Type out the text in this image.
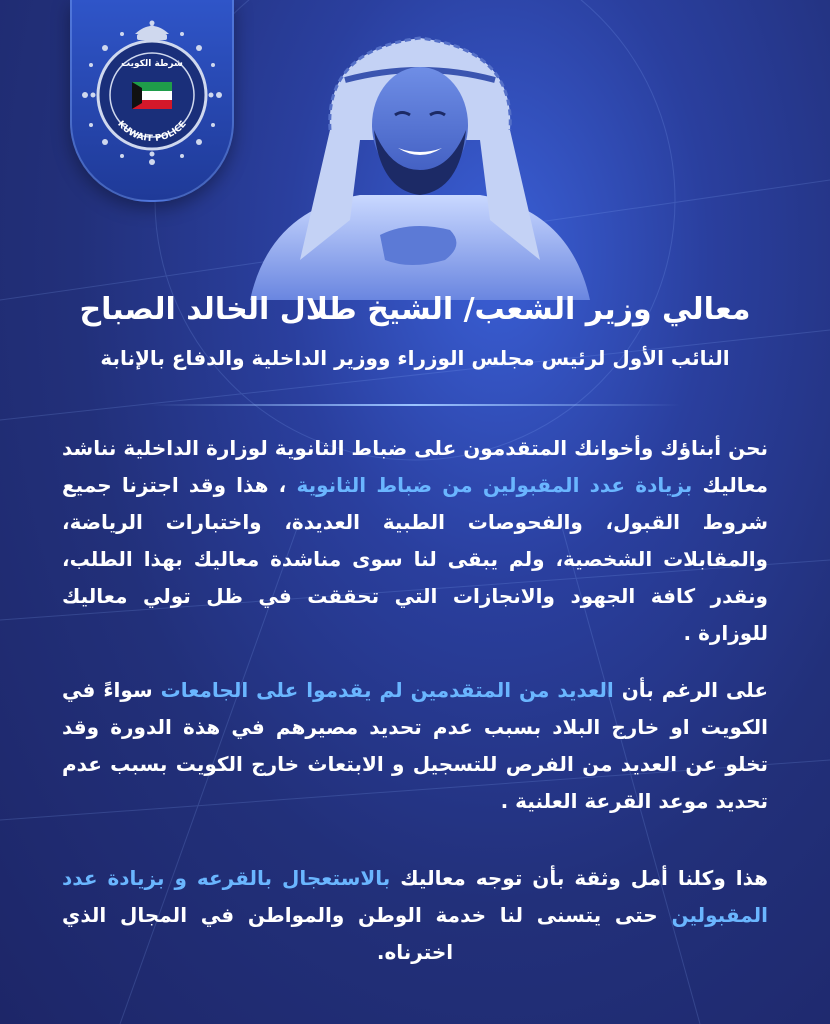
شرطة الكويت
KUWAIT POLICE
معالي وزير الشعب/ الشيخ طلال الخالد الصباح
النائب الأول لرئيس مجلس الوزراء ووزير الداخلية والدفاع بالإنابة
نحن أبناؤك وأخوانك المتقدمون على ضباط الثانوية لوزارة الداخلية نناشد معاليك بزيادة عدد المقبولين من ضباط الثانوية ، هذا وقد اجتزنا جميع شروط القبول، والفحوصات الطبية العديدة، واختبارات الرياضة، والمقابلات الشخصية، ولم يبقى لنا سوى مناشدة معاليك بهذا الطلب، ونقدر كافة الجهود والانجازات التي تحققت في ظل تولي معاليك للوزارة .
على الرغم بأن العديد من المتقدمين لم يقدموا على الجامعات سواءً في الكويت او خارج البلاد بسبب عدم تحديد مصيرهم في هذة الدورة وقد تخلو عن العديد من الفرص للتسجيل و الابتعاث خارج الكويت بسبب عدم تحديد موعد القرعة العلنية .
هذا وكلنا أمل وثقة بأن توجه معاليك بالاستعجال بالقرعه و بزيادة عدد المقبولين حتى يتسنى لنا خدمة الوطن والمواطن في المجال الذي اخترناه.
